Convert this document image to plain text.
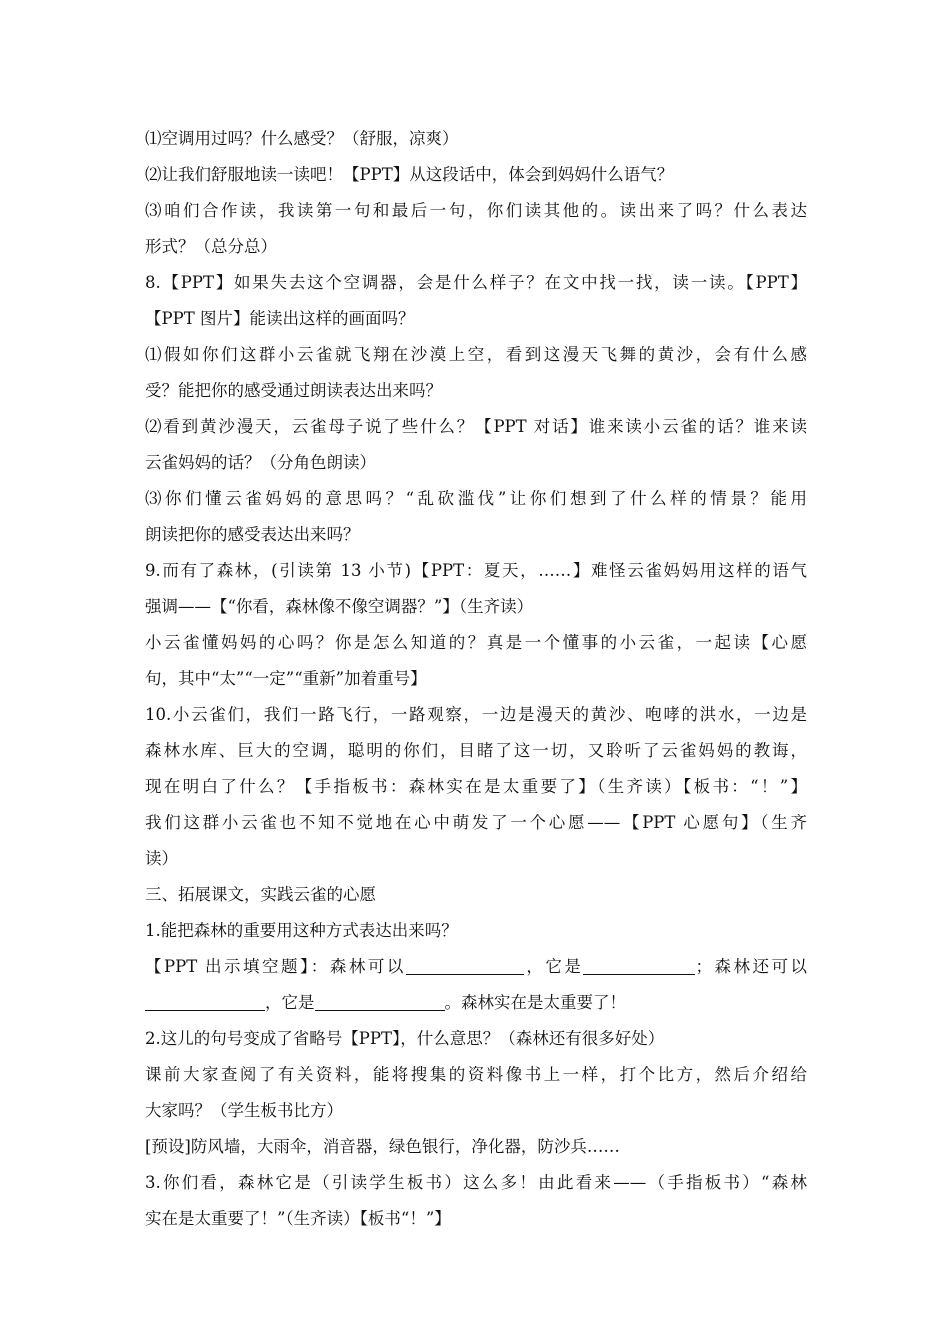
⑴空调用过吗？什么感受？（舒服，凉爽）
⑵让我们舒服地读一读吧！【PPT】从这段话中，体会到妈妈什么语气？
⑶咱们合作读，我读第一句和最后一句，你们读其他的。读出来了吗？什么表达
形式？（总分总）
8.【PPT】如果失去这个空调器，会是什么样子？在文中找一找，读一读。【PPT】
【PPT 图片】能读出这样的画面吗？
⑴假如你们这群小云雀就飞翔在沙漠上空，看到这漫天飞舞的黄沙，会有什么感
受？能把你的感受通过朗读表达出来吗？
⑵看到黄沙漫天，云雀母子说了些什么？【PPT 对话】谁来读小云雀的话？谁来读
云雀妈妈的话？（分角色朗读）
⑶你们懂云雀妈妈的意思吗？“乱砍滥伐”让你们想到了什么样的情景？能用
朗读把你的感受表达出来吗？
9.而有了森林，(引读第 13 小节)【PPT：夏天，……】难怪云雀妈妈用这样的语气
强调——【“你看，森林像不像空调器？”】（生齐读）
小云雀懂妈妈的心吗？你是怎么知道的？真是一个懂事的小云雀，一起读【心愿
句，其中“太”“一定”“重新”加着重号】
10.小云雀们，我们一路飞行，一路观察，一边是漫天的黄沙、咆哮的洪水，一边是
森林水库、巨大的空调，聪明的你们，目睹了这一切，又聆听了云雀妈妈的教诲，
现在明白了什么？【手指板书：森林实在是太重要了】（生齐读）【板书：“！”】
我们这群小云雀也不知不觉地在心中萌发了一个心愿——【PPT 心愿句】（生齐
读）
三、拓展课文，实践云雀的心愿
1.能把森林的重要用这种方式表达出来吗？
【PPT 出示填空题】：森林可以	，它是	；森林还可以
，它是	。森林实在是太重要了！
2.这儿的句号变成了省略号【PPT】，什么意思？（森林还有很多好处）
课前大家查阅了有关资料，能将搜集的资料像书上一样，打个比方，然后介绍给
大家吗？（学生板书比方）
[预设]防风墙，大雨伞，消音器，绿色银行，净化器，防沙兵……
3.你们看，森林它是（引读学生板书）这么多！由此看来——（手指板书）“森林
实在是太重要了！”（生齐读）【板书“！”】
